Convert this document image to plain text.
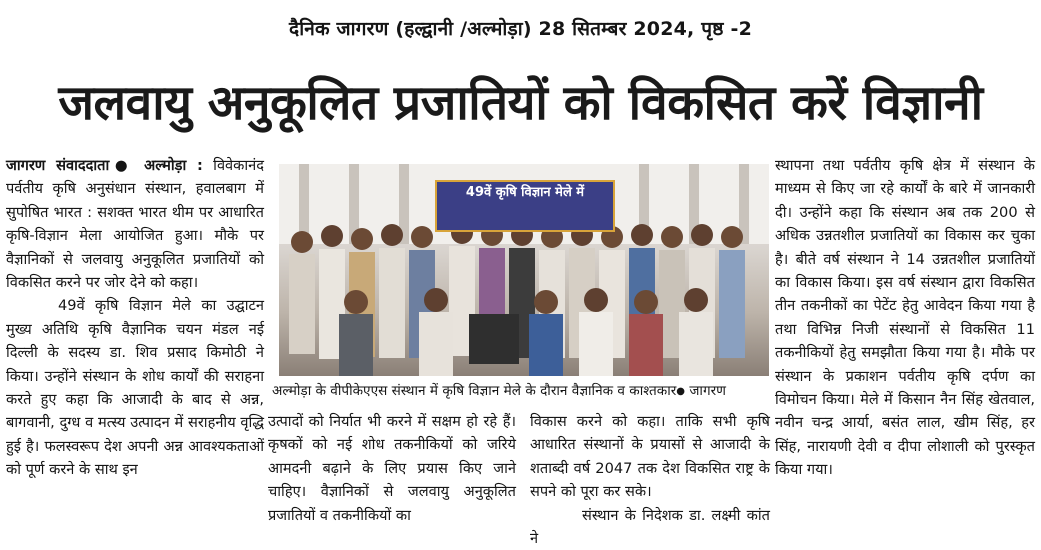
दैनिक जागरण (हल्द्वानी /अल्मोड़ा) 28 सितम्बर 2024, पृष्ठ -2
जलवायु अनुकूलित प्रजातियों को विकसित करें विज्ञानी

जागरण संवाददाता● अल्मोड़ा : विवेकानंद पर्वतीय कृषि अनुसंधान संस्थान, हवालबाग में सुपोषित भारत : सशक्त भारत थीम पर आधारित कृषि-विज्ञान मेला आयोजित हुआ। मौके पर वैज्ञानिकों से जलवायु अनुकूलित प्रजातियों को विकसित करने पर जोर देने को कहा।

49वें कृषि विज्ञान मेले का उद्घाटन मुख्य अतिथि कृषि वैज्ञानिक चयन मंडल नई दिल्ली के सदस्य डा. शिव प्रसाद किमोठी ने किया। उन्होंने संस्थान के शोध कार्यों की सराहना करते हुए कहा कि आजादी के बाद से अन्न, बागवानी, दुग्ध व मत्स्य उत्पादन में सराहनीय वृद्धि हुई है। फलस्वरूप देश अपनी अन्न आवश्यकताओं को पूर्ण करने के साथ इन

49वें कृषि विज्ञान मेले में
अल्मोड़ा के वीपीकेएएस संस्थान में कृषि विज्ञान मेले के दौरान वैज्ञानिक व काश्तकार● जागरण

उत्पादों को निर्यात भी करने में सक्षम हो रहे हैं। कृषकों को नई शोध तकनीकियों को जरिये आमदनी बढ़ाने के लिए प्रयास किए जाने चाहिए। वैज्ञानिकों से जलवायु अनुकूलित प्रजातियों व तकनीकियों का

विकास करने को कहा। ताकि सभी कृषि आधारित संस्थानों के प्रयासों से आजादी के शताब्दी वर्ष 2047 तक देश विकसित राष्ट्र के सपने को पूरा कर सके।

संस्थान के निदेशक डा. लक्ष्मी कांत ने

स्थापना तथा पर्वतीय कृषि क्षेत्र में संस्थान के माध्यम से किए जा रहे कार्यों के बारे में जानकारी दी। उन्होंने कहा कि संस्थान अब तक 200 से अधिक उन्नतशील प्रजातियों का विकास कर चुका है। बीते वर्ष संस्थान ने 14 उन्नतशील प्रजातियों का विकास किया। इस वर्ष संस्थान द्वारा विकसित तीन तकनीकों का पेटेंट हेतु आवेदन किया गया है तथा विभिन्न निजी संस्थानों से विकसित 11 तकनीकियों हेतु समझौता किया गया है। मौके पर संस्थान के प्रकाशन पर्वतीय कृषि दर्पण का विमोचन किया। मेले में किसान नैन सिंह खेतवाल, नवीन चन्द्र आर्या, बसंत लाल, खीम सिंह, हर सिंह, नारायणी देवी व दीपा लोशाली को पुरस्कृत किया गया।
